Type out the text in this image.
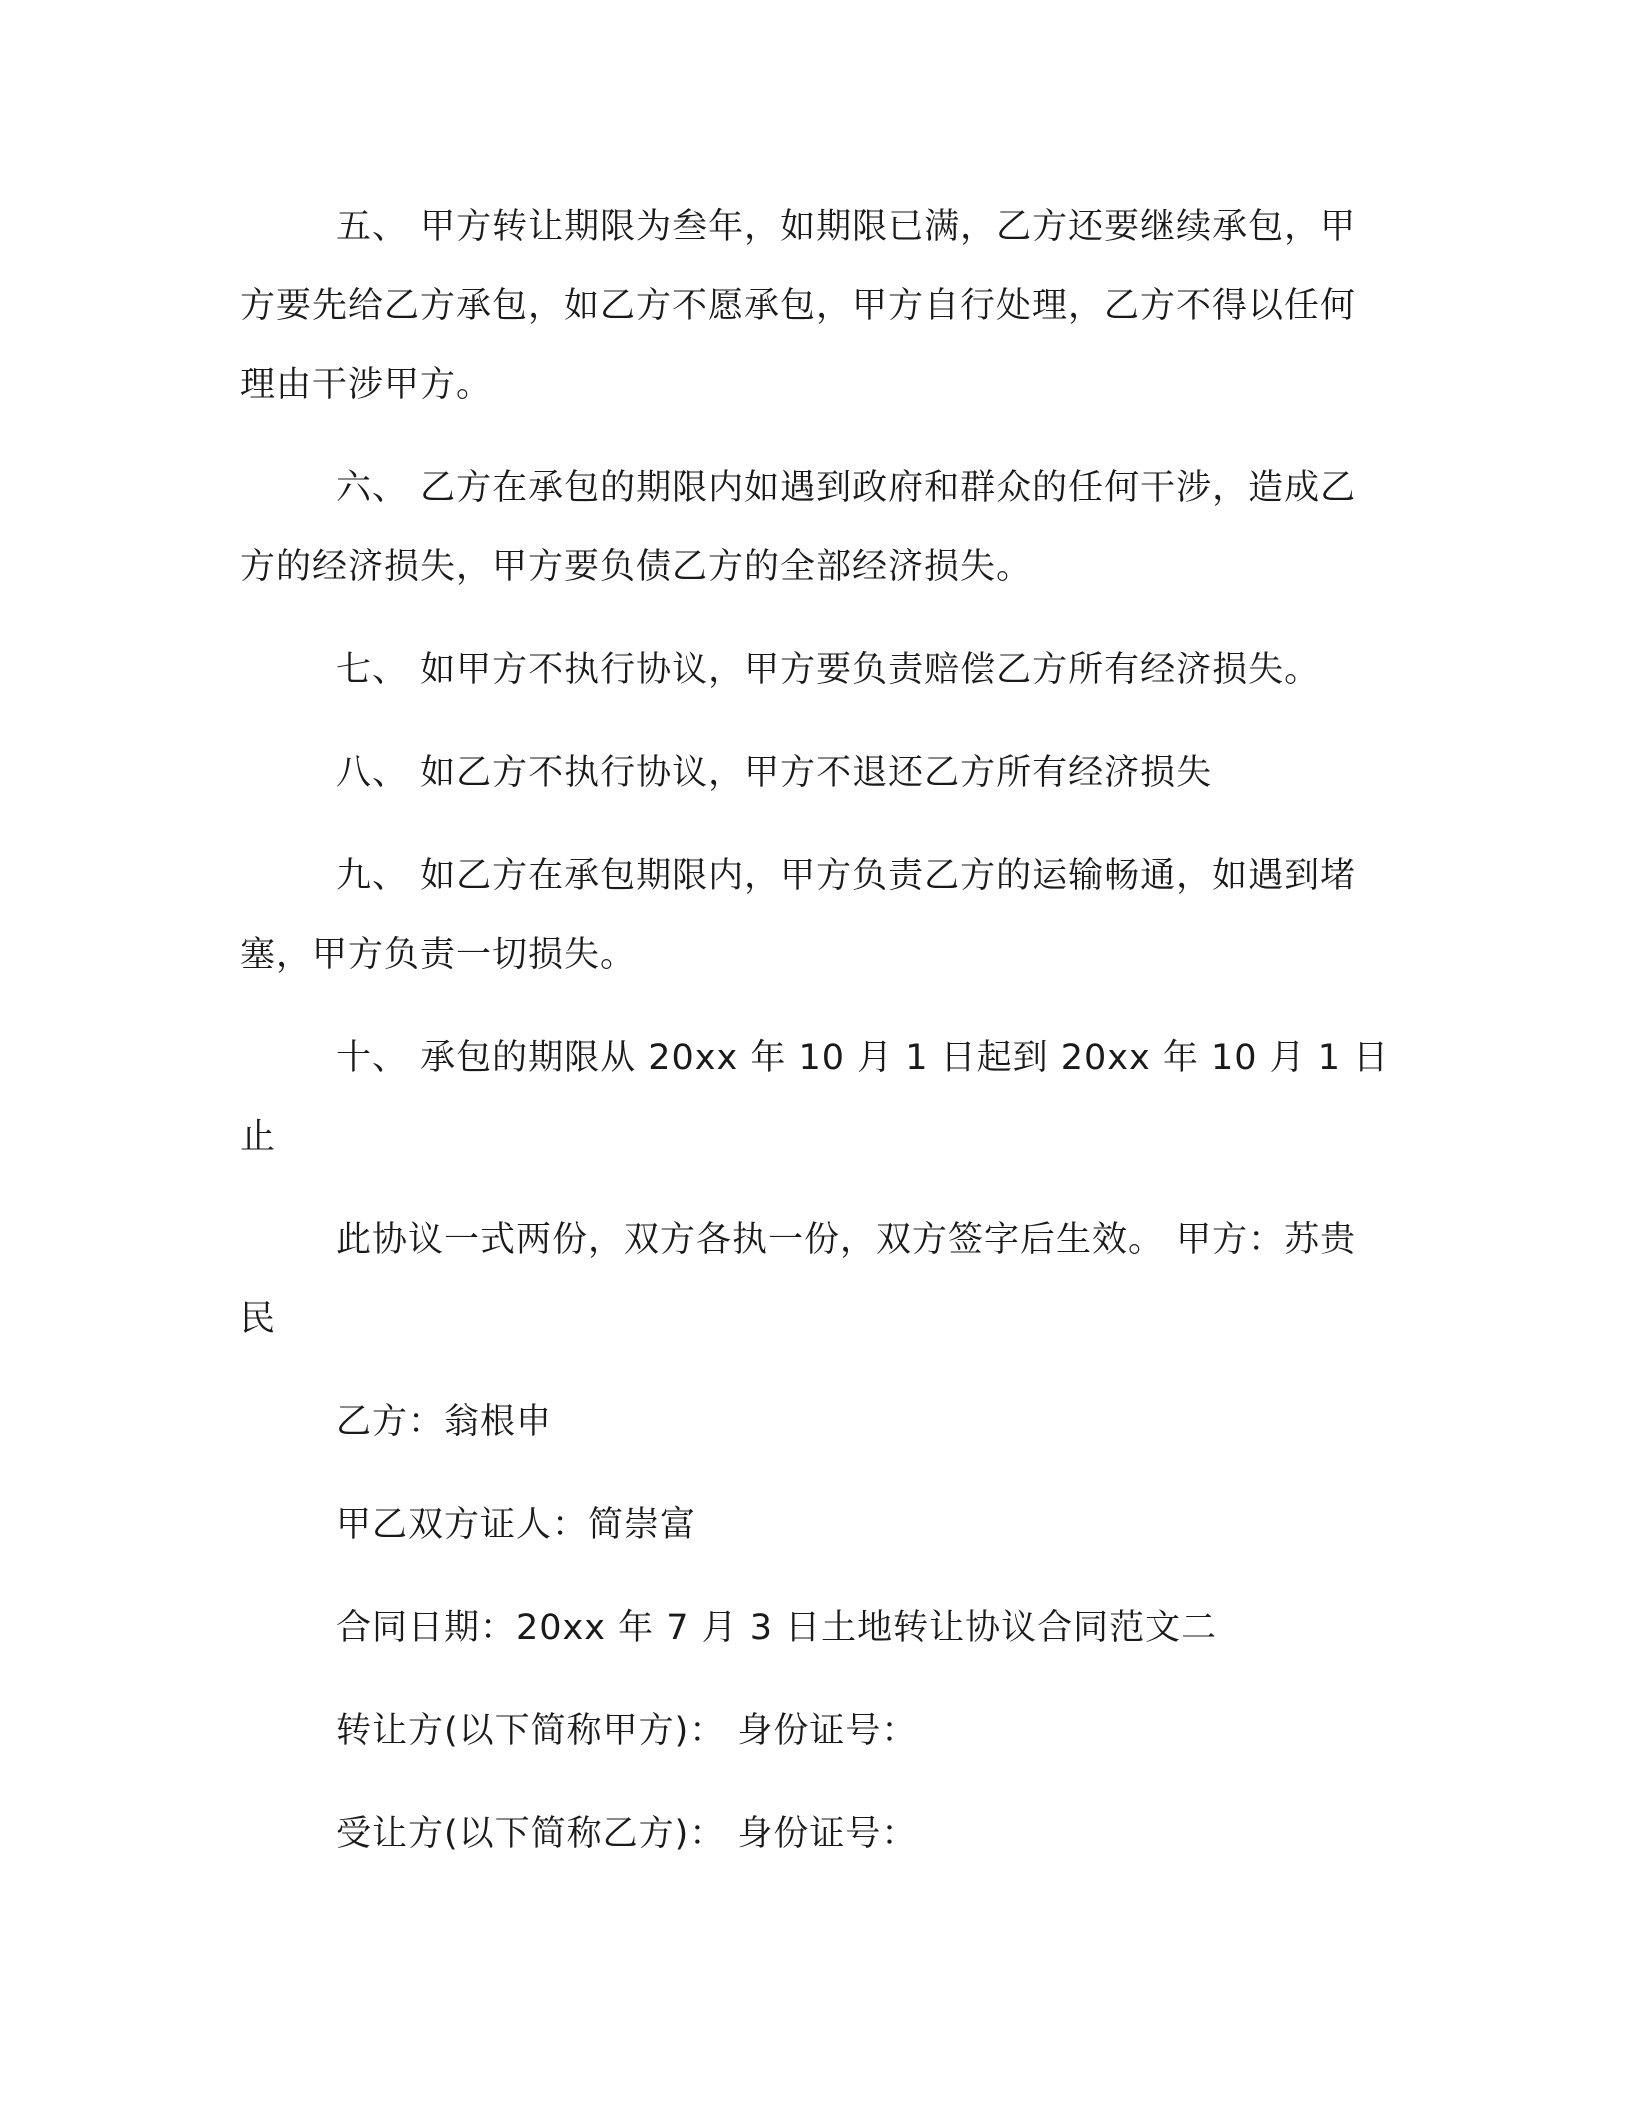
五、 甲方转让期限为叁年，如期限已满，乙方还要继续承包，甲方要先给乙方承包，如乙方不愿承包，甲方自行处理，乙方不得以任何理由干涉甲方。

六、 乙方在承包的期限内如遇到政府和群众的任何干涉，造成乙方的经济损失，甲方要负债乙方的全部经济损失。

七、 如甲方不执行协议，甲方要负责赔偿乙方所有经济损失。

八、 如乙方不执行协议，甲方不退还乙方所有经济损失

九、 如乙方在承包期限内，甲方负责乙方的运输畅通，如遇到堵塞，甲方负责一切损失。

十、 承包的期限从 20xx 年 10 月 1 日起到 20xx 年 10 月 1 日止

此协议一式两份，双方各执一份，双方签字后生效。 甲方：苏贵民

乙方：翁根申

甲乙双方证人：简崇富

合同日期：20xx 年 7 月 3 日土地转让协议合同范文二

转让方(以下简称甲方)： 身份证号：

受让方(以下简称乙方)： 身份证号：
